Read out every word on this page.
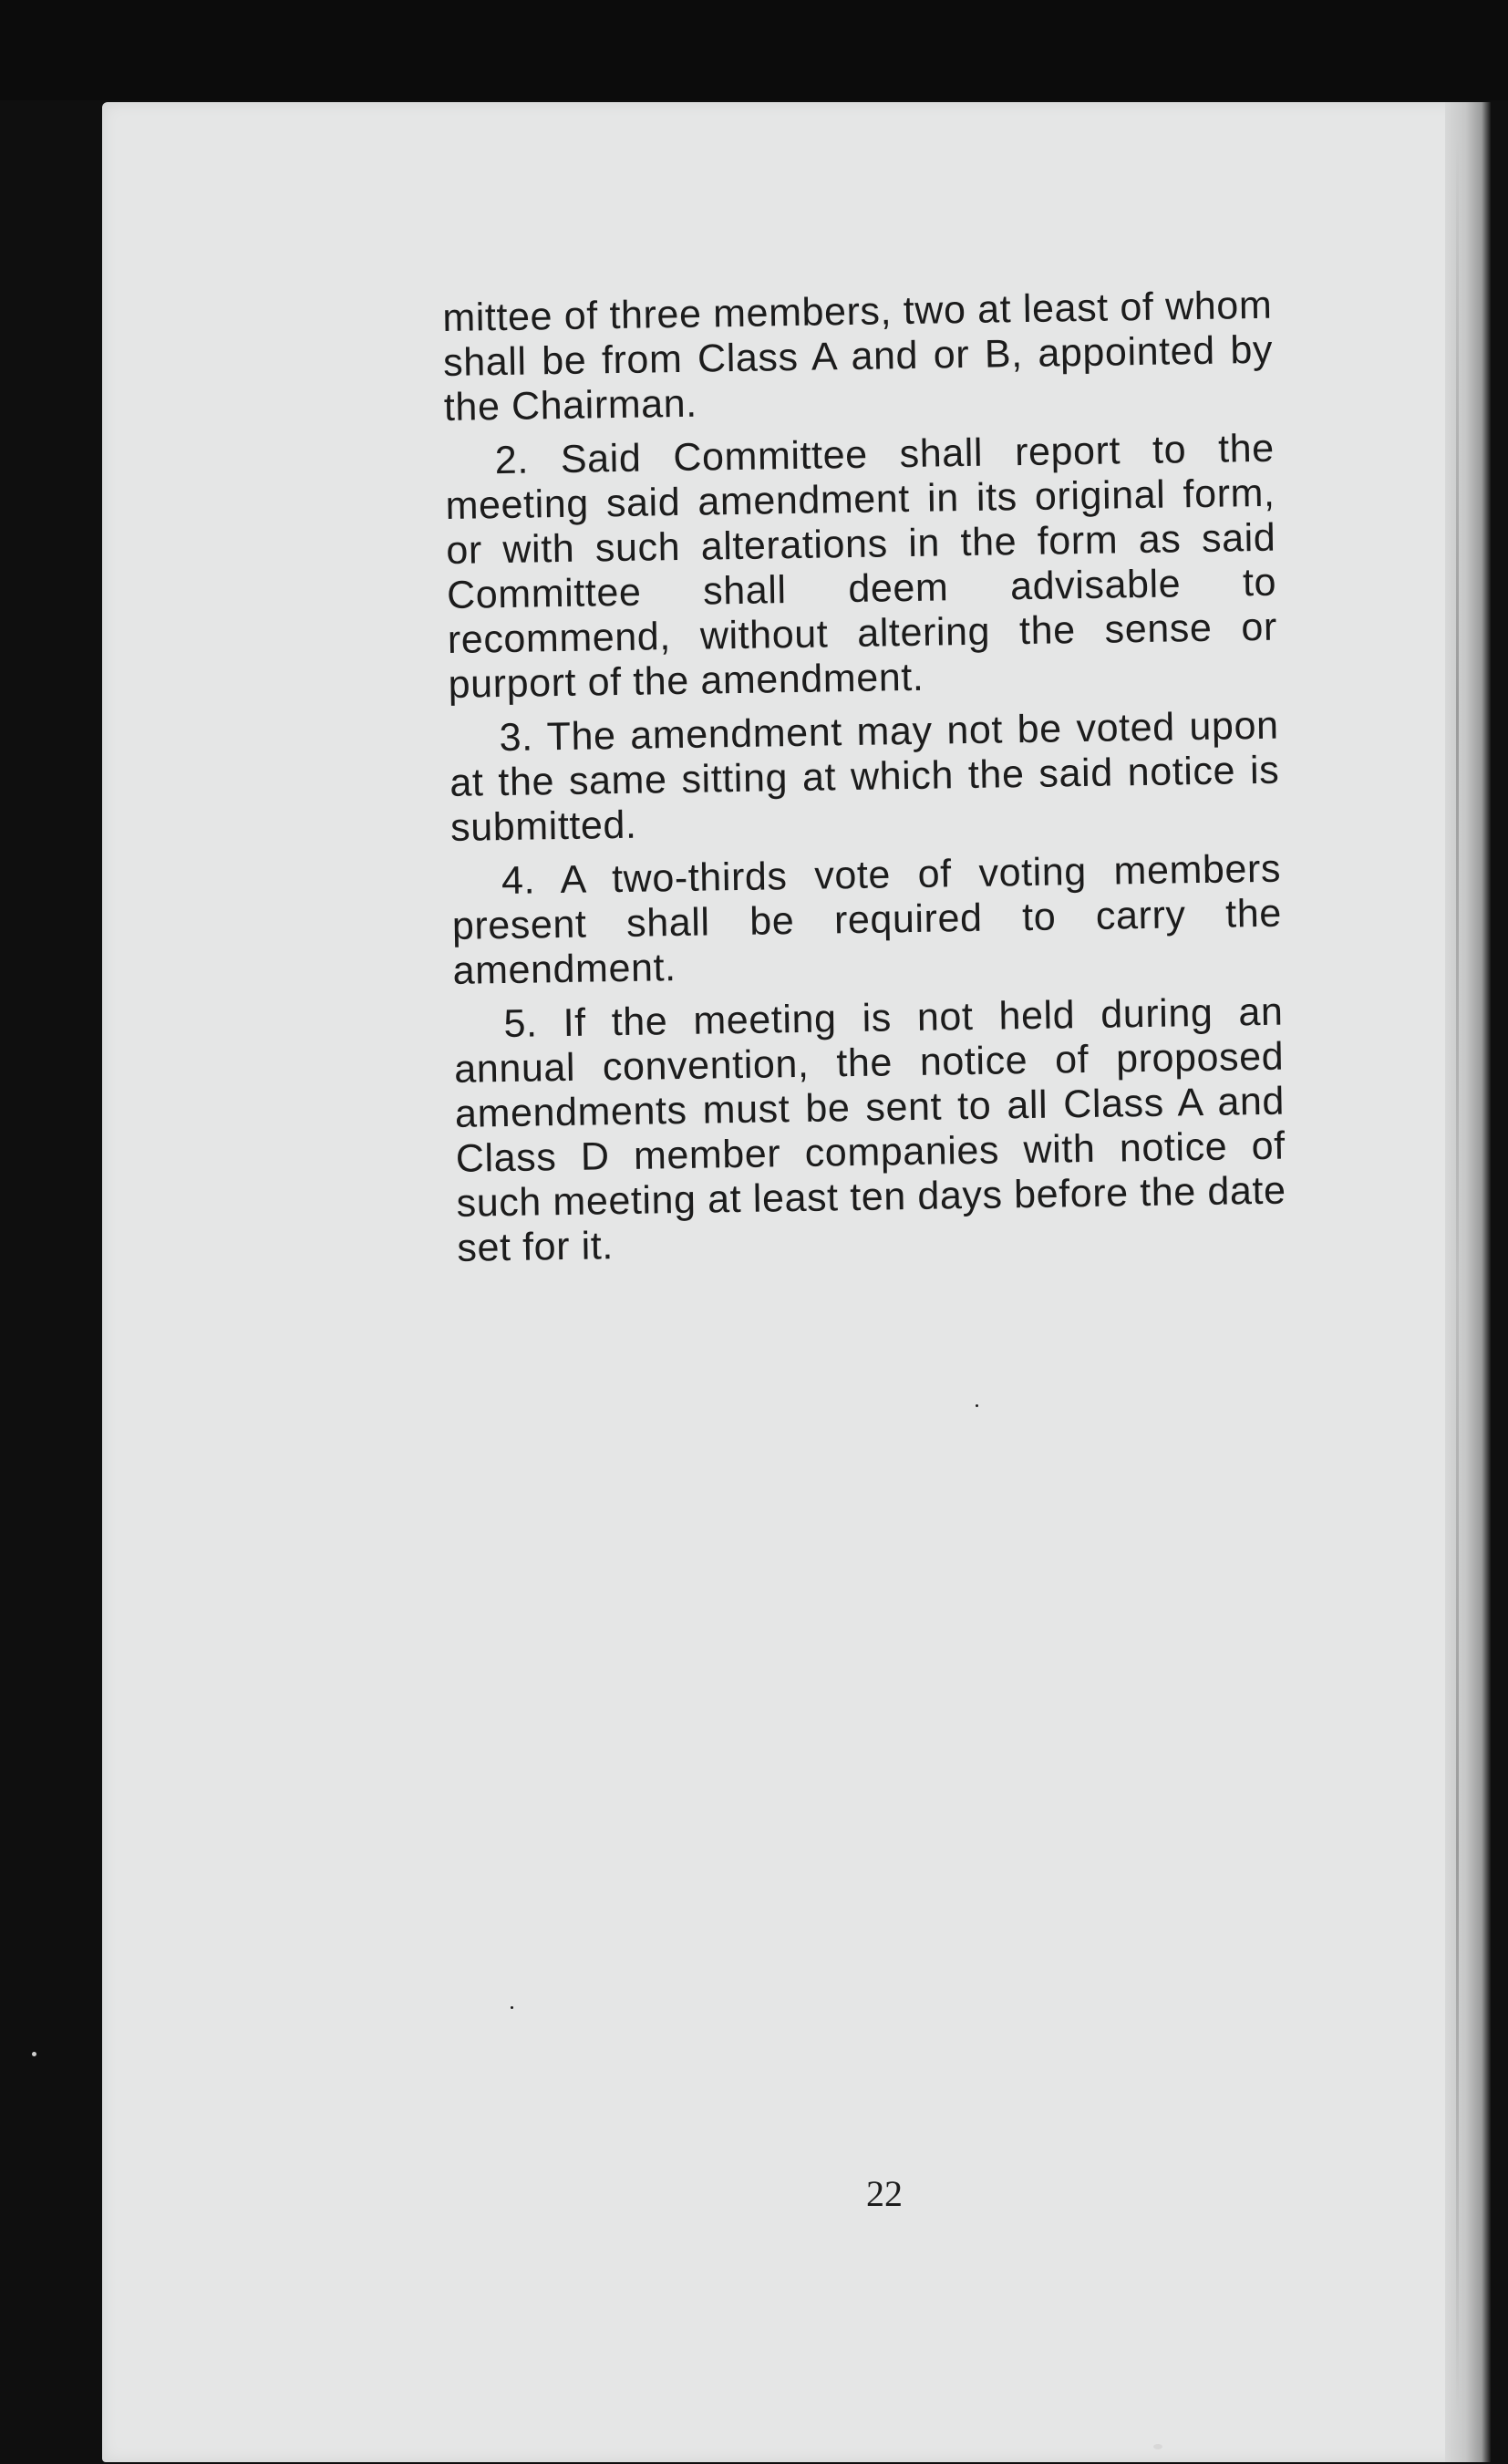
mittee of three members, two at least of whom shall be from Class A and or B, appointed by the Chairman.

2. Said Committee shall report to the meeting said amendment in its original form, or with such alterations in the form as said Committee shall deem advisable to recommend, without altering the sense or purport of the amendment.

3. The amendment may not be voted upon at the same sitting at which the said notice is submitted.

4. A two-thirds vote of voting members present shall be required to carry the amendment.

5. If the meeting is not held during an annual convention, the notice of proposed amendments must be sent to all Class A and Class D member companies with notice of such meeting at least ten days before the date set for it.

22
